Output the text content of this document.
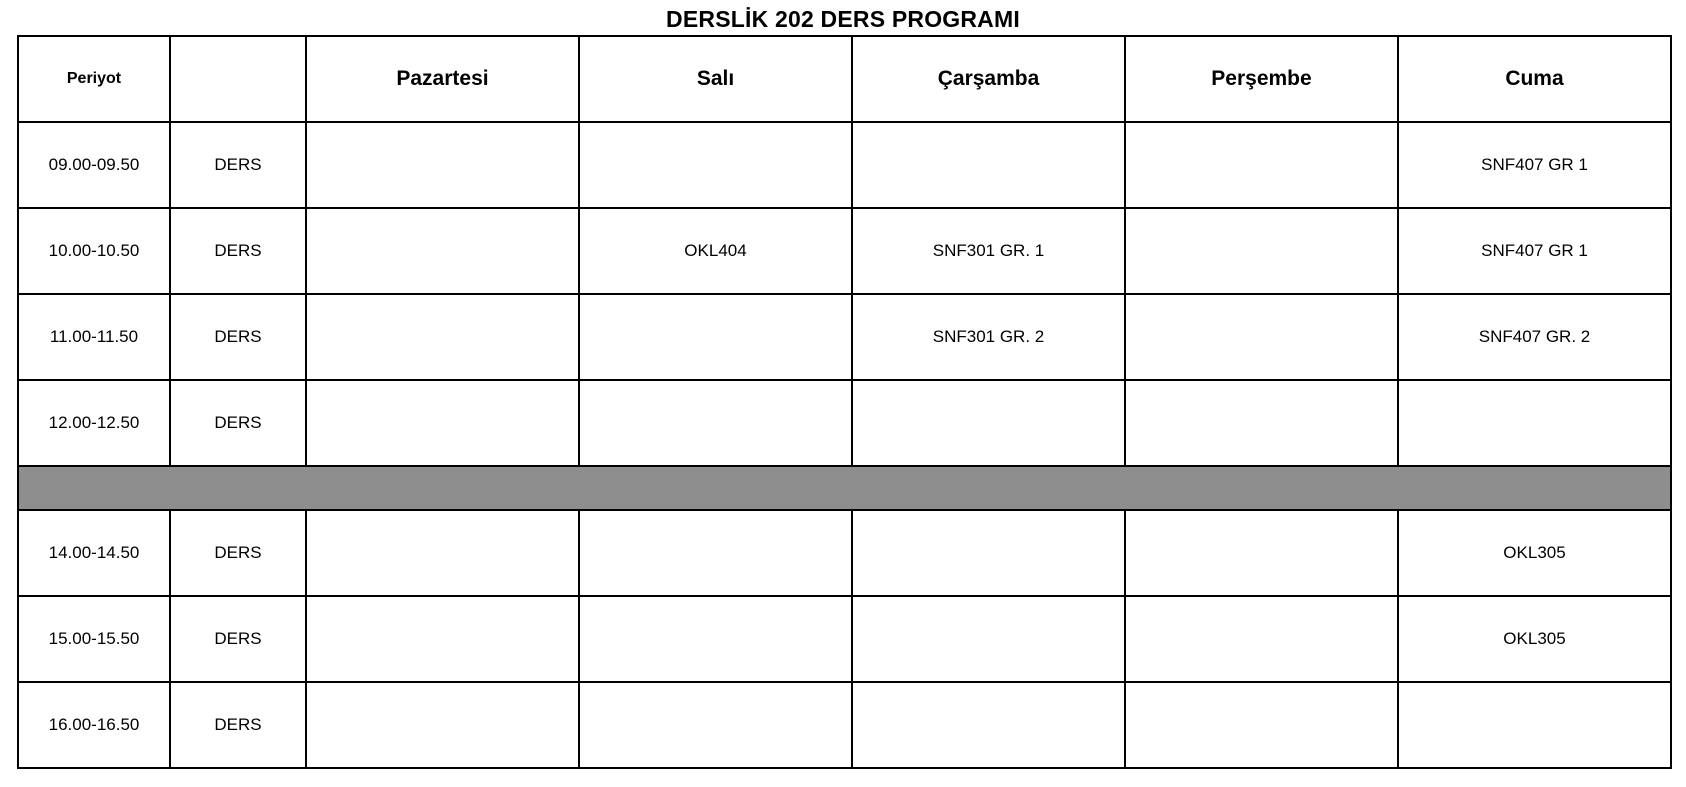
DERSLİK 202 DERS PROGRAMI
Periyot		Pazartesi	Salı	Çarşamba	Perşembe	Cuma
09.00-09.50	DERS					SNF407 GR 1
10.00-10.50	DERS		OKL404	SNF301 GR. 1		SNF407 GR 1
11.00-11.50	DERS			SNF301 GR. 2		SNF407 GR. 2
12.00-12.50	DERS					

14.00-14.50	DERS					OKL305
15.00-15.50	DERS					OKL305
16.00-16.50	DERS					
